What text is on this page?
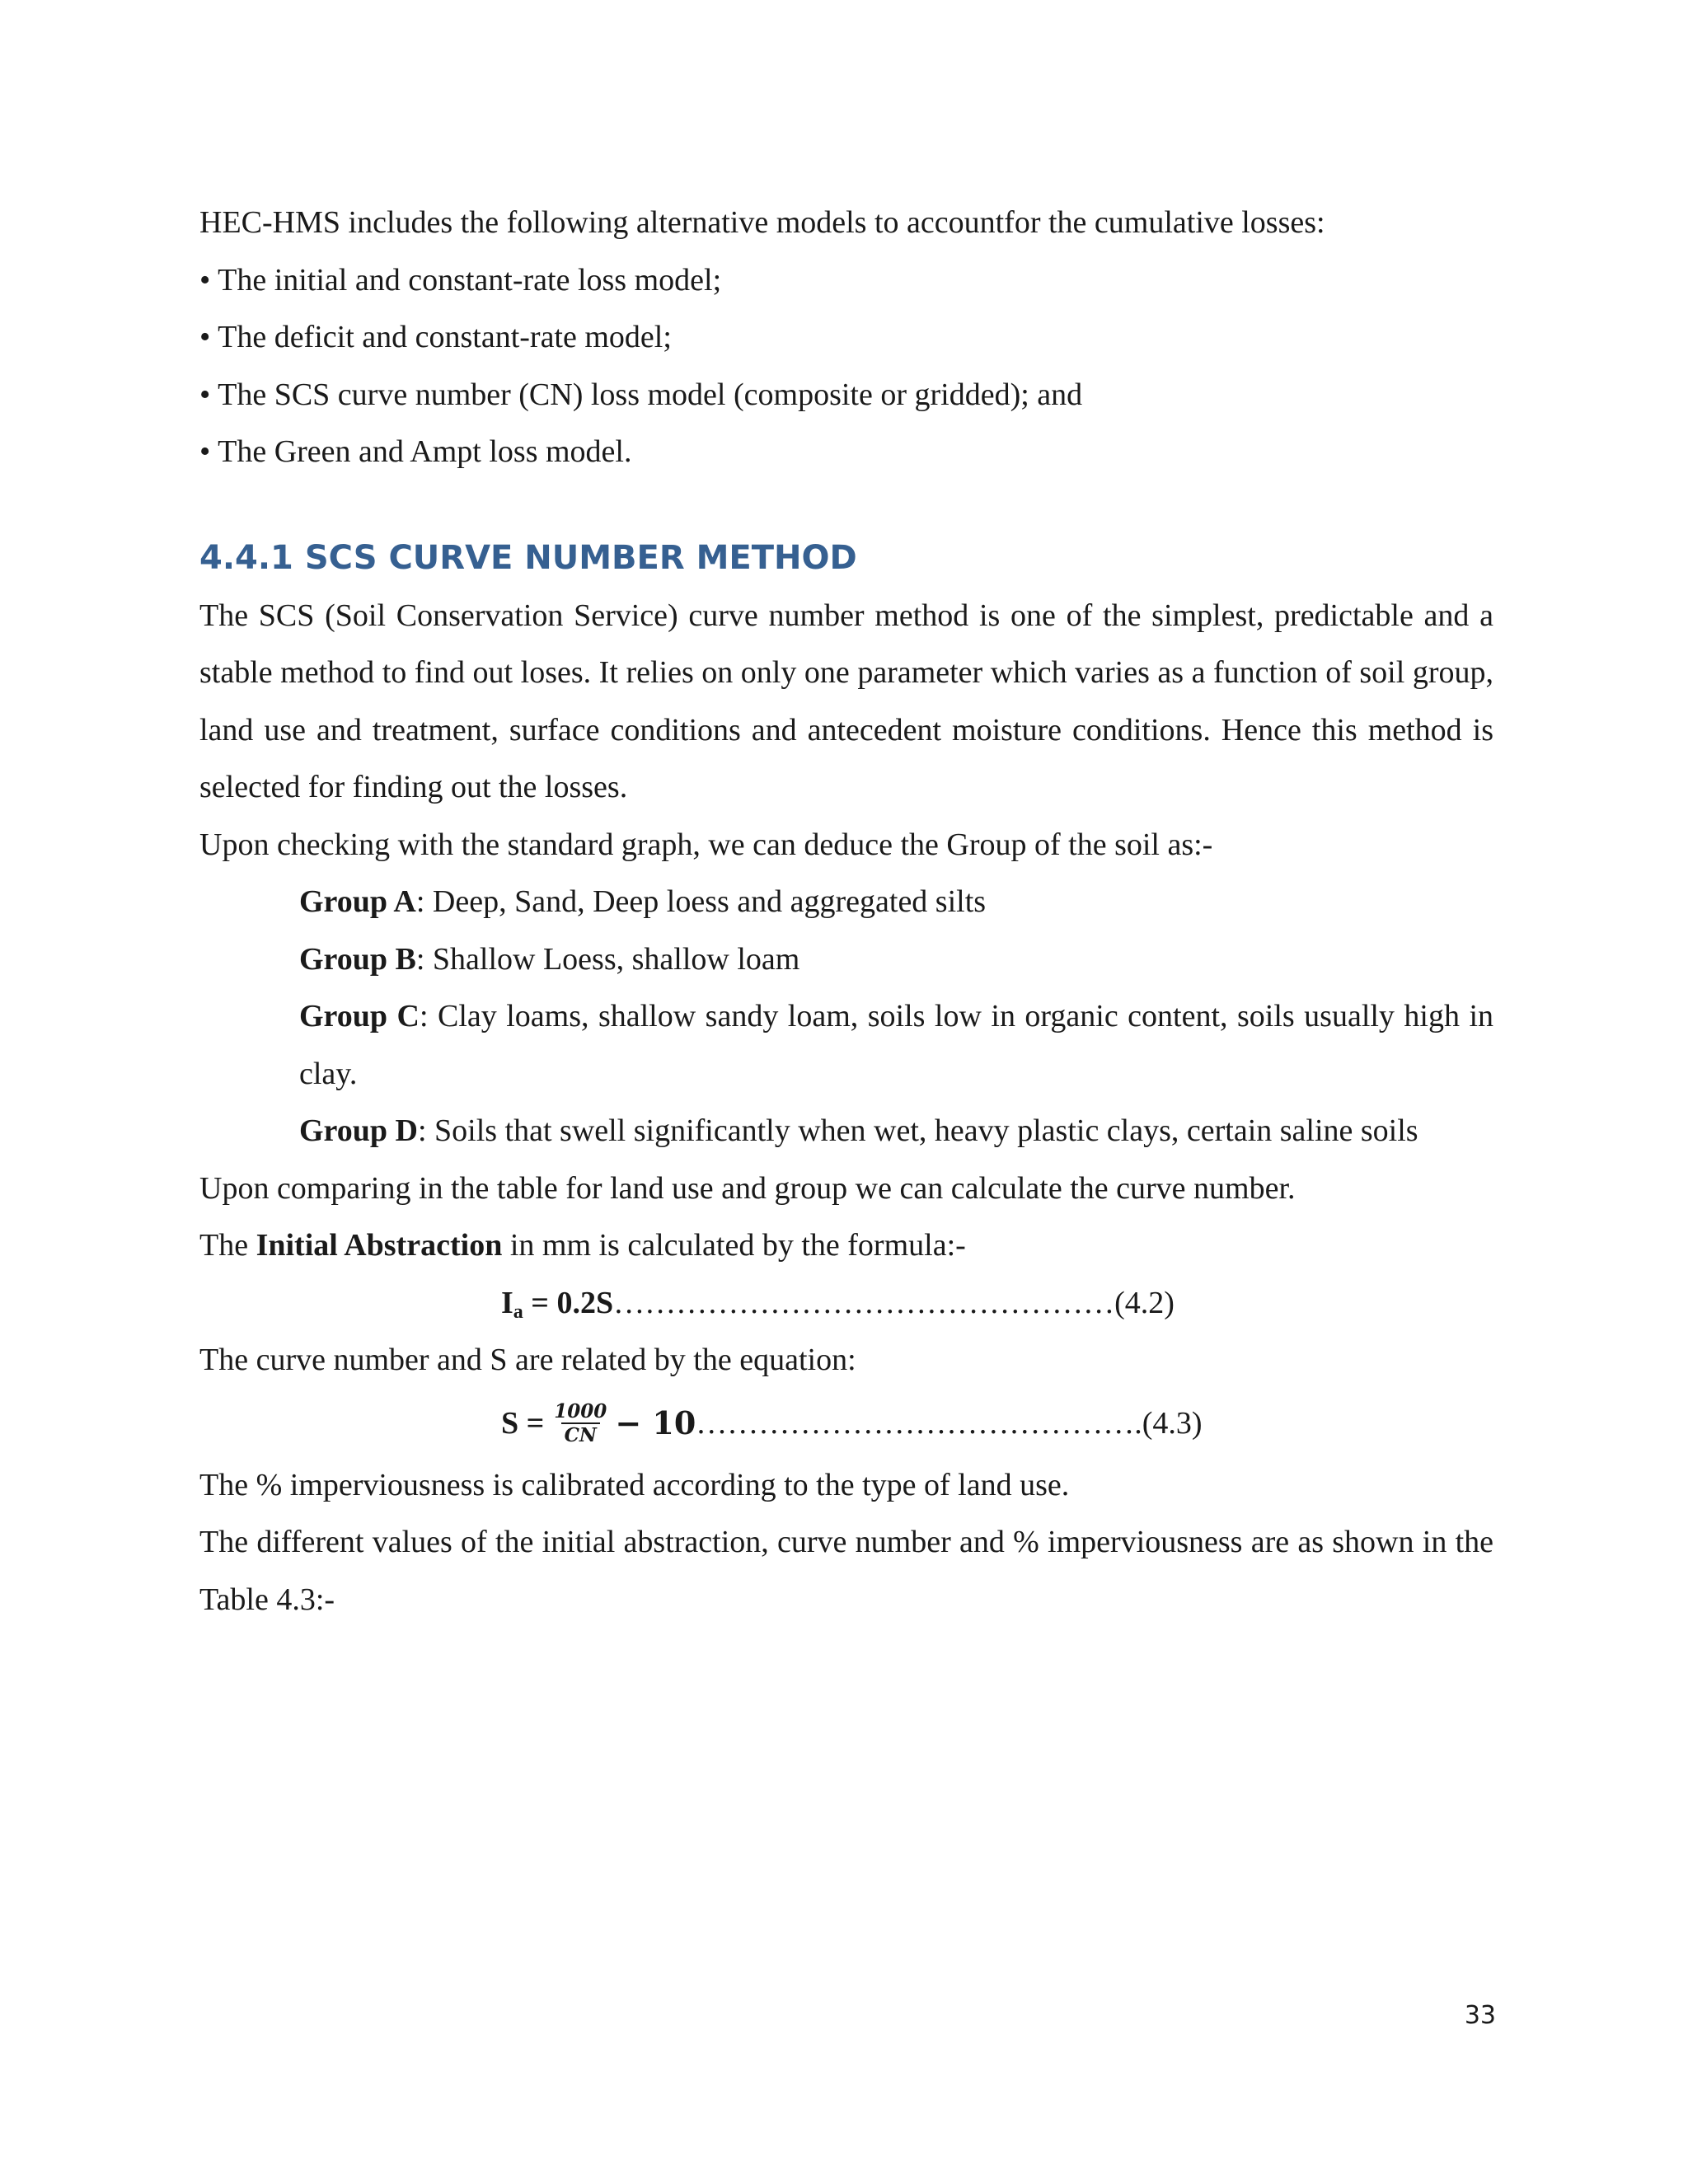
HEC-HMS includes the following alternative models to accountfor the cumulative losses:

• The initial and constant-rate loss model;

• The deficit and constant-rate model;

• The SCS curve number (CN) loss model (composite or gridded); and

• The Green and Ampt loss model.

4.4.1 SCS CURVE NUMBER METHOD

The SCS (Soil Conservation Service) curve number method is one of the simplest, predictable and a stable method to find out loses. It relies on only one parameter which varies as a function of soil group, land use and treatment, surface conditions and antecedent moisture conditions. Hence this method is selected for finding out the losses.

Upon checking with the standard graph, we can deduce the Group of the soil as:-

Group A: Deep, Sand, Deep loess and aggregated silts

Group B: Shallow Loess, shallow loam

Group C: Clay loams, shallow sandy loam, soils low in organic content, soils usually high in clay.

Group D: Soils that swell significantly when wet, heavy plastic clays, certain saline soils

Upon comparing in the table for land use and group we can calculate the curve number.

The Initial Abstraction in mm is calculated by the formula:-

$I_a$ = 0.2S…………………………………………(4.2)

The curve number and S are related by the equation:

$S = \frac{1000}{CN} - 10$ ……………………………………. (4.3)

The % imperviousness is calibrated according to the type of land use.

The different values of the initial abstraction, curve number and % imperviousness are as shown in the Table 4.3:-

33
